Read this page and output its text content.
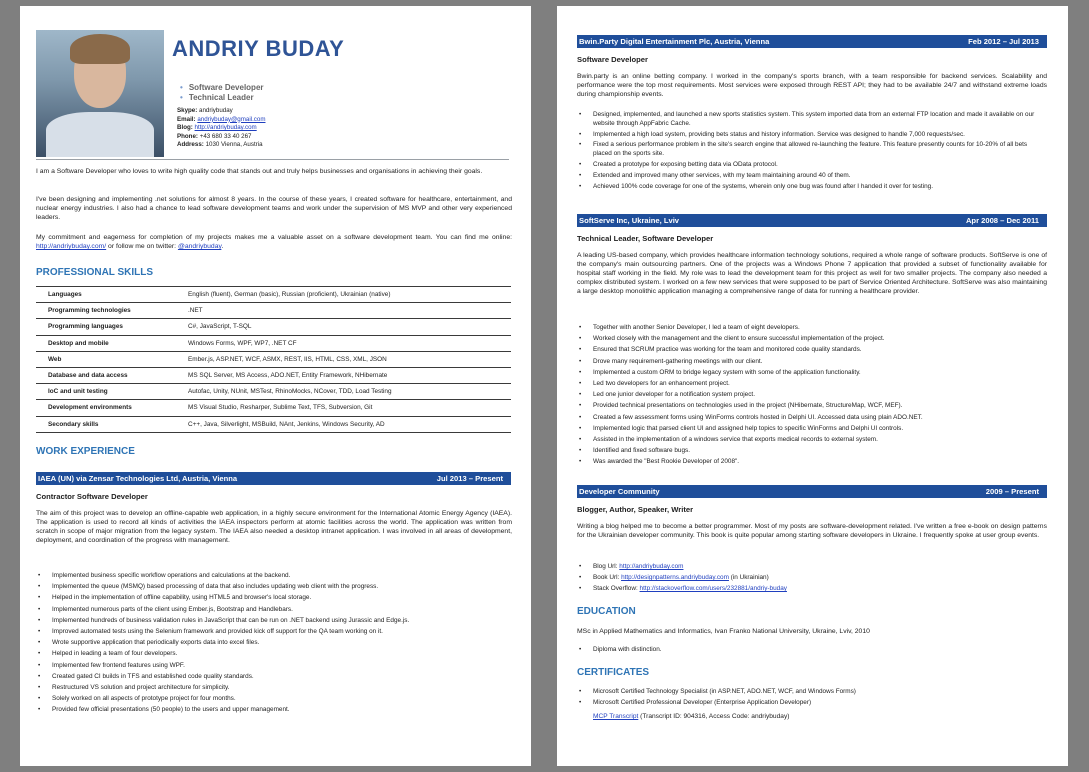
ANDRIY BUDAY
• Software Developer
• Technical Leader
Skype: andriybuday
Email: andriybuday@gmail.com
Blog: http://andriybuday.com
Phone: +43 680 33 40 267
Address: 1030 Vienna, Austria

I am a Software Developer who loves to write high quality code that stands out and truly helps businesses and organisations in achieving their goals.

I've been designing and implementing .net solutions for almost 8 years. In the course of these years, I created software for healthcare, entertainment, and nuclear energy industries. I also had a chance to lead software development teams and work under the supervision of MS MVP and other very experienced leaders.

My commitment and eagerness for completion of my projects makes me a valuable asset on a software development team. You can find me online: http://andriybuday.com/ or follow me on twitter: @andriybuday.

PROFESSIONAL SKILLS
Languages	English (fluent), German (basic), Russian (proficient), Ukrainian (native)
Programming technologies	.NET
Programming languages	C#, JavaScript, T-SQL
Desktop and mobile	Windows Forms, WPF, WP7, .NET CF
Web	Ember.js, ASP.NET, WCF, ASMX, REST, IIS, HTML, CSS, XML, JSON
Database and data access	MS SQL Server, MS Access, ADO.NET, Entity Framework, NHibernate
IoC and unit testing	Autofac, Unity, NUnit, MSTest, RhinoMocks, NCover, TDD, Load Testing
Development environments	MS Visual Studio, Resharper, Sublime Text, TFS, Subversion, Git
Secondary skills	C++, Java, Silverlight, MSBuild, NAnt, Jenkins, Windows Security, AD
WORK EXPERIENCE
IAEA (UN) via Zensar Technologies Ltd, Austria, Vienna	Jul 2013 – Present
Contractor Software Developer

The aim of this project was to develop an offline-capable web application, in a highly secure environment for the International Atomic Energy Agency (IAEA). The application is used to record all kinds of activities the IAEA inspectors perform at atomic facilities across the world. The application was written from scratch in scope of major migration from the legacy system. The IAEA also needed a desktop intranet application. I was involved in all areas of development, deployment, and coordination of the progress with management.

• Implemented business specific workflow operations and calculations at the backend.
• Implemented the queue (MSMQ) based processing of data that also includes updating web client with the progress.
• Helped in the implementation of offline capability, using HTML5 and browser's local storage.
• Implemented numerous parts of the client using Ember.js, Bootstrap and Handlebars.
• Implemented hundreds of business validation rules in JavaScript that can be run on .NET backend using Jurassic and Edge.js.
• Improved automated tests using the Selenium framework and provided kick off support for the QA team working on it.
• Wrote supportive application that periodically exports data into excel files.
• Helped in leading a team of four developers.
• Implemented few frontend features using WPF.
• Created gated CI builds in TFS and established code quality standards.
• Restructured VS solution and project architecture for simplicity.
• Solely worked on all aspects of prototype project for four months.
• Provided few official presentations (50 people) to the users and upper management.
Bwin.Party Digital Entertainment Plc, Austria, Vienna	Feb 2012 – Jul 2013
Software Developer

Bwin.party is an online betting company. I worked in the company's sports branch, with a team responsible for backend services. Scalability and performance were the top most requirements. Most services were exposed through REST API; they had to be available 24/7 and withstand extreme loads during championship events.

• Designed, implemented, and launched a new sports statistics system. This system imported data from an external FTP location and made it available on our website through AppFabric Cache.
• Implemented a high load system, providing bets status and history information. Service was designed to handle 7,000 requests/sec.
• Fixed a serious performance problem in the site's search engine that allowed re-launching the feature. This feature presently counts for 10-20% of all bets placed on the sports site.
• Created a prototype for exposing betting data via OData protocol.
• Extended and improved many other services, with my team maintaining around 40 of them.
• Achieved 100% code coverage for one of the systems, wherein only one bug was found after I handed it over for testing.
SoftServe Inc, Ukraine, Lviv	Apr 2008 – Dec 2011
Technical Leader, Software Developer

A leading US-based company, which provides healthcare information technology solutions, required a whole range of software products. SoftServe is one of the company's main outsourcing partners. One of the projects was a Windows Phone 7 application that provided a subset of functionality available for hospital staff working in the field. My role was to lead the development team for this project as well for two smaller projects. The company also needed a complex distributed system. I worked on a few new services that were supposed to be part of Service Oriented Architecture. SoftServe was also maintaining a large desktop monolithic application managing a comprehensive range of data for running a healthcare provider.

• Together with another Senior Developer, I led a team of eight developers.
• Worked closely with the management and the client to ensure successful implementation of the project.
• Ensured that SCRUM practice was working for the team and monitored code quality standards.
• Drove many requirement-gathering meetings with our client.
• Implemented a custom ORM to bridge legacy system with some of the application functionality.
• Led two developers for an enhancement project.
• Led one junior developer for a notification system project.
• Provided technical presentations on technologies used in the project (NHibernate, StructureMap, WCF, MEF).
• Created a few assessment forms using WinForms controls hosted in Delphi UI. Accessed data using plain ADO.NET.
• Implemented logic that parsed client UI and assigned help topics to specific WinForms and Delphi UI controls.
• Assisted in the implementation of a windows service that exports medical records to external system.
• Identified and fixed software bugs.
• Was awarded the "Best Rookie Developer of 2008".
Developer Community	2009 – Present
Blogger, Author, Speaker, Writer

Writing a blog helped me to become a better programmer. Most of my posts are software-development related. I've written a free e-book on design patterns for the Ukrainian developer community. This book is quite popular among starting software developers in Ukraine. I frequently spoke at user group events.

• Blog Url: http://andriybuday.com
• Book Url: http://designpatterns.andriybuday.com (in Ukrainian)
• Stack Overflow: http://stackoverflow.com/users/232881/andriy-buday
EDUCATION
MSc in Applied Mathematics and Informatics, Ivan Franko National University, Ukraine, Lviv, 2010
• Diploma with distinction.
CERTIFICATES
• Microsoft Certified Technology Specialist (in ASP.NET, ADO.NET, WCF, and Windows Forms)
• Microsoft Certified Professional Developer (Enterprise Application Developer)
MCP Transcript (Transcript ID: 904316, Access Code: andriybuday)
